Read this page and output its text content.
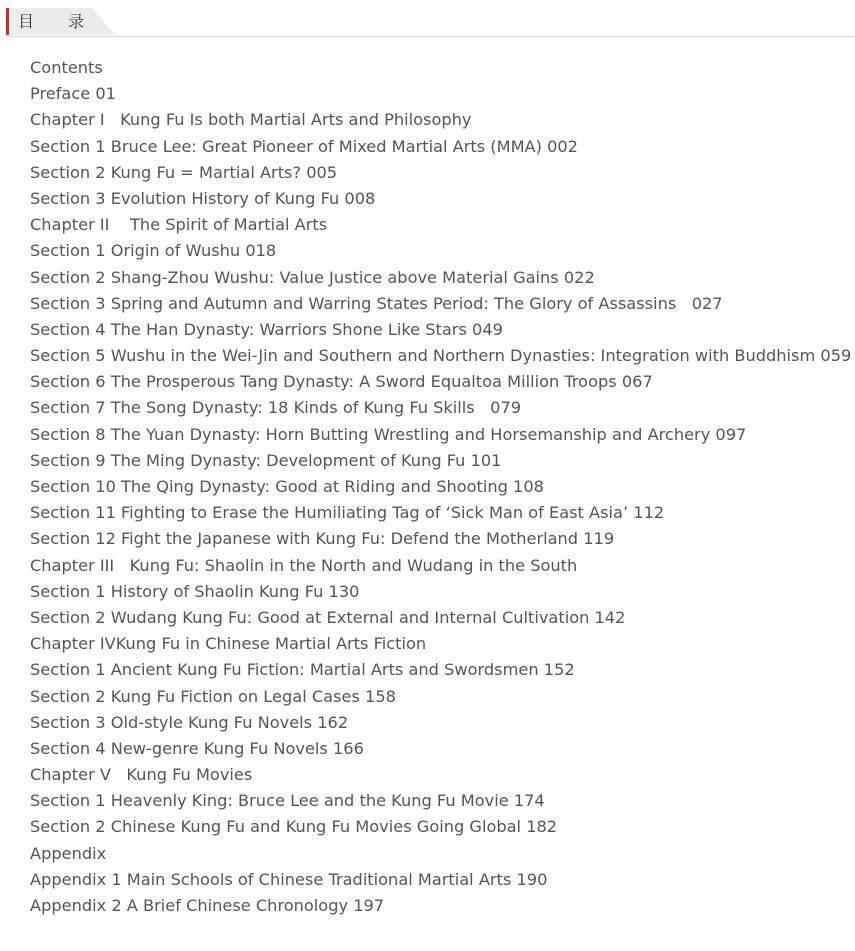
目  录
Contents
Preface 01
Chapter I   Kung Fu Is both Martial Arts and Philosophy
Section 1 Bruce Lee: Great Pioneer of Mixed Martial Arts (MMA) 002
Section 2 Kung Fu = Martial Arts? 005
Section 3 Evolution History of Kung Fu 008
Chapter II    The Spirit of Martial Arts
Section 1 Origin of Wushu 018
Section 2 Shang-Zhou Wushu: Value Justice above Material Gains 022
Section 3 Spring and Autumn and Warring States Period: The Glory of Assassins   027
Section 4 The Han Dynasty: Warriors Shone Like Stars 049
Section 5 Wushu in the Wei-Jin and Southern and Northern Dynasties: Integration with Buddhism 059
Section 6 The Prosperous Tang Dynasty: A Sword Equaltoa Million Troops 067
Section 7 The Song Dynasty: 18 Kinds of Kung Fu Skills   079
Section 8 The Yuan Dynasty: Horn Butting Wrestling and Horsemanship and Archery 097
Section 9 The Ming Dynasty: Development of Kung Fu 101
Section 10 The Qing Dynasty: Good at Riding and Shooting 108
Section 11 Fighting to Erase the Humiliating Tag of ‘Sick Man of East Asia’ 112
Section 12 Fight the Japanese with Kung Fu: Defend the Motherland 119
Chapter III   Kung Fu: Shaolin in the North and Wudang in the South
Section 1 History of Shaolin Kung Fu 130
Section 2 Wudang Kung Fu: Good at External and Internal Cultivation 142
Chapter IVKung Fu in Chinese Martial Arts Fiction
Section 1 Ancient Kung Fu Fiction: Martial Arts and Swordsmen 152
Section 2 Kung Fu Fiction on Legal Cases 158
Section 3 Old-style Kung Fu Novels 162
Section 4 New-genre Kung Fu Novels 166
Chapter V   Kung Fu Movies
Section 1 Heavenly King: Bruce Lee and the Kung Fu Movie 174
Section 2 Chinese Kung Fu and Kung Fu Movies Going Global 182
Appendix
Appendix 1 Main Schools of Chinese Traditional Martial Arts 190
Appendix 2 A Brief Chinese Chronology 197
